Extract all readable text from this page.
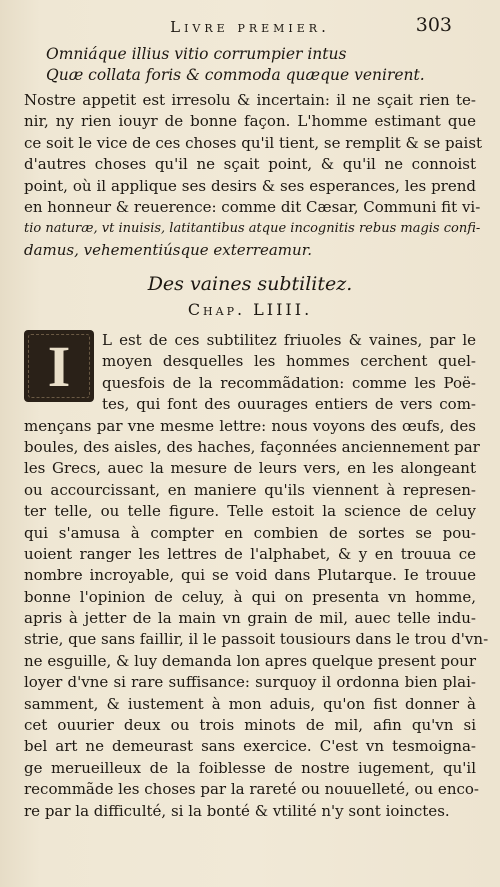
Livre premier.	303
Omniáque illius vitio corrumpier intus
Quæ collata foris & commoda quæque venirent.
Nostre appetit est irresolu & incertain: il ne sçait rien te-
nir, ny rien iouyr de bonne façon. L'homme estimant que
ce soit le vice de ces choses qu'il tient, se remplit & se paist
d'autres choses qu'il ne sçait point, & qu'il ne connoist
point, où il applique ses desirs & ses esperances, les prend
en honneur & reuerence: comme dit Cæsar, Communi fit vi-
tio naturæ, vt inuisis, latitantibus atque incognitis rebus magis confi-
damus, vehementiúsque exterreamur.
Des vaines subtilitez.
Chap. LIIII.
I L est de ces subtilitez friuoles & vaines, par le
moyen desquelles les hommes cerchent quel-
quesfois de la recommãdation: comme les Poë-
tes, qui font des ouurages entiers de vers com-
mençans par vne mesme lettre: nous voyons des œufs, des
boules, des aisles, des haches, façonnées anciennement par
les Grecs, auec la mesure de leurs vers, en les alongeant
ou accourcissant, en maniere qu'ils viennent à represen-
ter telle, ou telle figure. Telle estoit la science de celuy
qui s'amusa à compter en combien de sortes se pou-
uoient ranger les lettres de l'alphabet, & y en trouua ce
nombre incroyable, qui se void dans Plutarque. Ie trouue
bonne l'opinion de celuy, à qui on presenta vn homme,
apris à jetter de la main vn grain de mil, auec telle indu-
strie, que sans faillir, il le passoit tousiours dans le trou d'vn-
ne esguille, & luy demanda lon apres quelque present pour
loyer d'vne si rare suffisance: surquoy il ordonna bien plai-
samment, & iustement à mon aduis, qu'on fist donner à
cet ouurier deux ou trois minots de mil, afin qu'vn si
bel art ne demeurast sans exercice. C'est vn tesmoigna-
ge merueilleux de la foiblesse de nostre iugement, qu'il
recommãde les choses par la rareté ou nouuelleté, ou enco-
re par la difficulté, si la bonté & vtilité n'y sont ioinctes.
